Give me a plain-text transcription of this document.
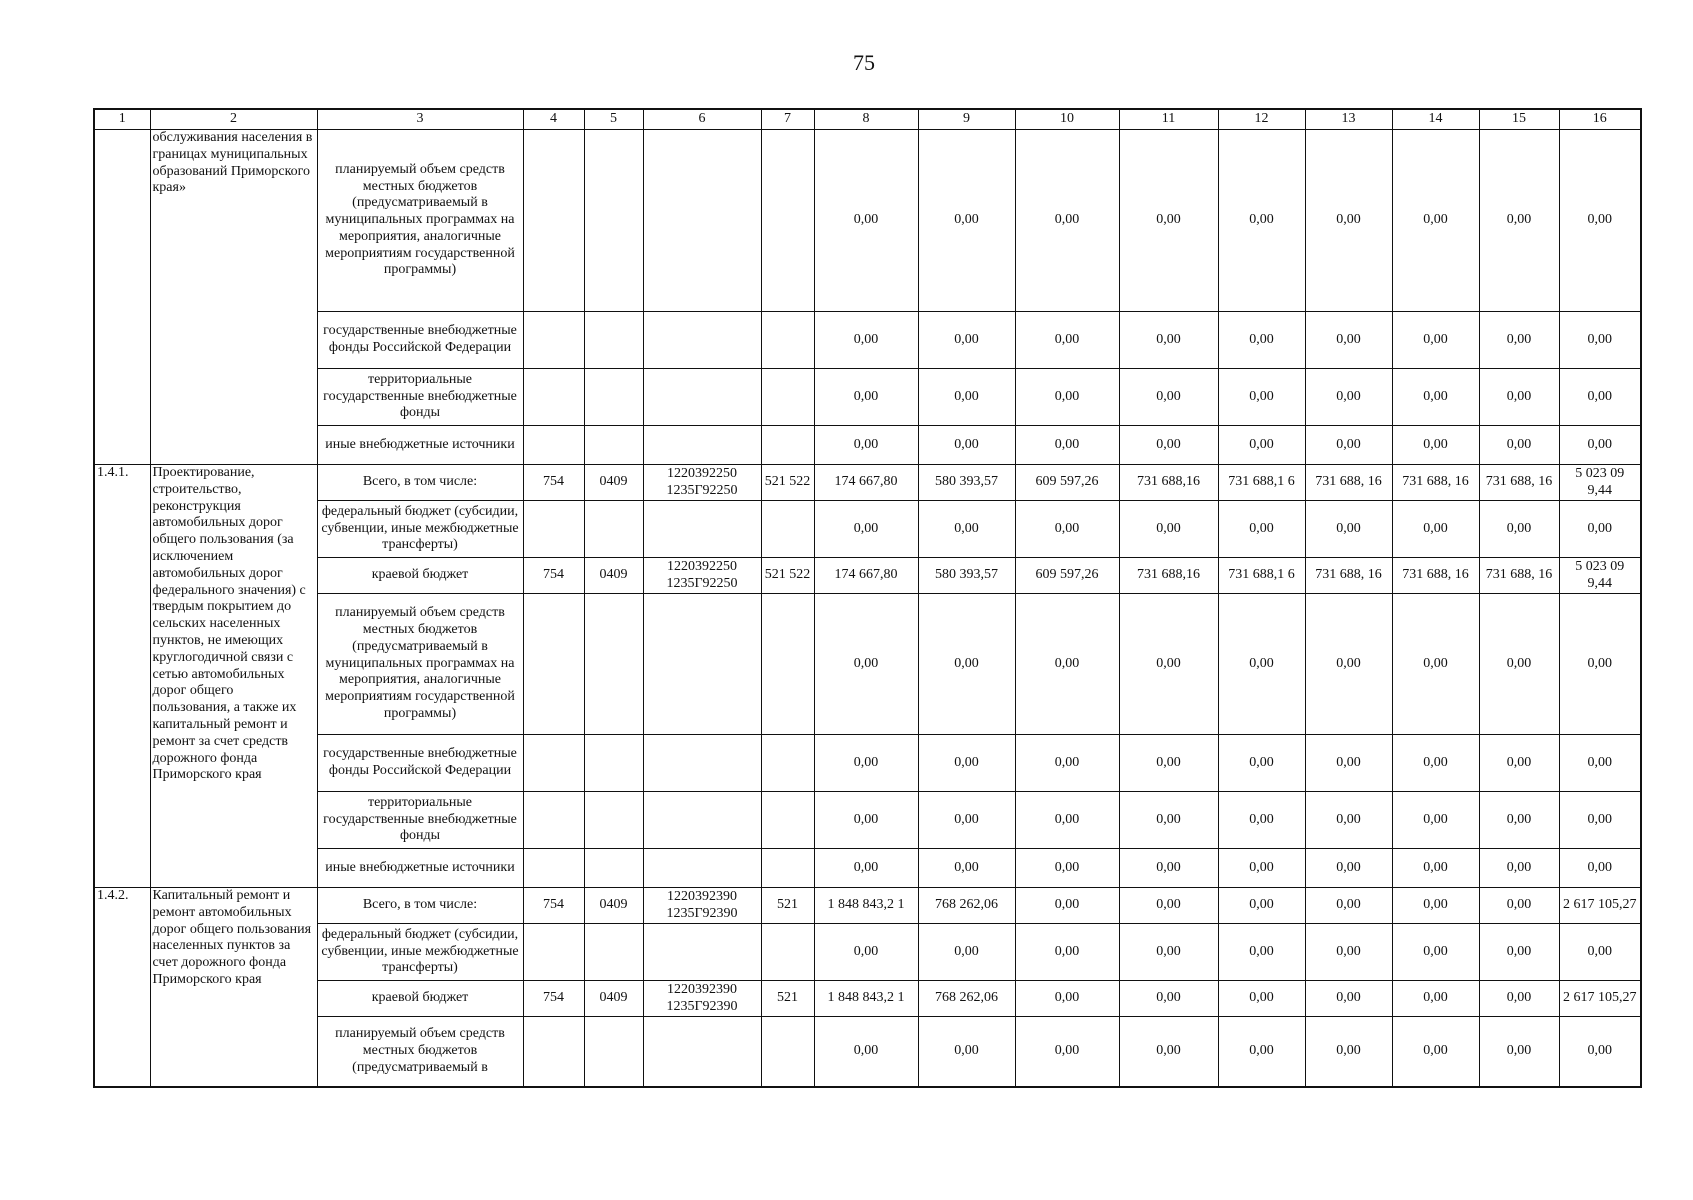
75
1	2	3	4	5	6	7	8	9	10	11	12	13	14	15	16
	обслуживания населения в границах муниципальных образований Приморского края»	планируемый объем средств местных бюджетов (предусматриваемый в муниципальных программах на мероприятия, аналогичные мероприятиям государственной программы)					0,00	0,00	0,00	0,00	0,00	0,00	0,00	0,00	0,00
		государственные внебюджетные фонды Российской Федерации					0,00	0,00	0,00	0,00	0,00	0,00	0,00	0,00	0,00
		территориальные государственные внебюджетные фонды					0,00	0,00	0,00	0,00	0,00	0,00	0,00	0,00	0,00
		иные внебюджетные источники					0,00	0,00	0,00	0,00	0,00	0,00	0,00	0,00	0,00
1.4.1.	Проектирование, строительство, реконструкция автомобильных дорог общего пользования (за исключением автомобильных дорог федерального значения) с твердым покрытием до сельских населенных пунктов, не имеющих круглогодичной связи с сетью автомобильных дорог общего пользования, а также их капитальный ремонт и ремонт за счет средств дорожного фонда Приморского края	Всего, в том числе:	754	0409	1220392250 1235Г92250	521 522	174 667,80	580 393,57	609 597,26	731 688,16	731 688,1 6	731 688, 16	731 688, 16	731 688, 16	5 023 09 9,44
		федеральный бюджет (субсидии, субвенции, иные межбюджетные трансферты)					0,00	0,00	0,00	0,00	0,00	0,00	0,00	0,00	0,00
		краевой бюджет	754	0409	1220392250 1235Г92250	521 522	174 667,80	580 393,57	609 597,26	731 688,16	731 688,1 6	731 688, 16	731 688, 16	731 688, 16	5 023 09 9,44
		планируемый объем средств местных бюджетов (предусматриваемый в муниципальных программах на мероприятия, аналогичные мероприятиям государственной программы)					0,00	0,00	0,00	0,00	0,00	0,00	0,00	0,00	0,00
		государственные внебюджетные фонды Российской Федерации					0,00	0,00	0,00	0,00	0,00	0,00	0,00	0,00	0,00
		территориальные государственные внебюджетные фонды					0,00	0,00	0,00	0,00	0,00	0,00	0,00	0,00	0,00
		иные внебюджетные источники					0,00	0,00	0,00	0,00	0,00	0,00	0,00	0,00	0,00
1.4.2.	Капитальный ремонт и ремонт автомобильных дорог общего пользования населенных пунктов за счет дорожного фонда Приморского края	Всего, в том числе:	754	0409	1220392390 1235Г92390	521	1 848 843,2 1	768 262,06	0,00	0,00	0,00	0,00	0,00	0,00	2 617 105,27
		федеральный бюджет (субсидии, субвенции, иные межбюджетные трансферты)					0,00	0,00	0,00	0,00	0,00	0,00	0,00	0,00	0,00
		краевой бюджет	754	0409	1220392390 1235Г92390	521	1 848 843,2 1	768 262,06	0,00	0,00	0,00	0,00	0,00	0,00	2 617 105,27
		планируемый объем средств местных бюджетов (предусматриваемый в					0,00	0,00	0,00	0,00	0,00	0,00	0,00	0,00	0,00
